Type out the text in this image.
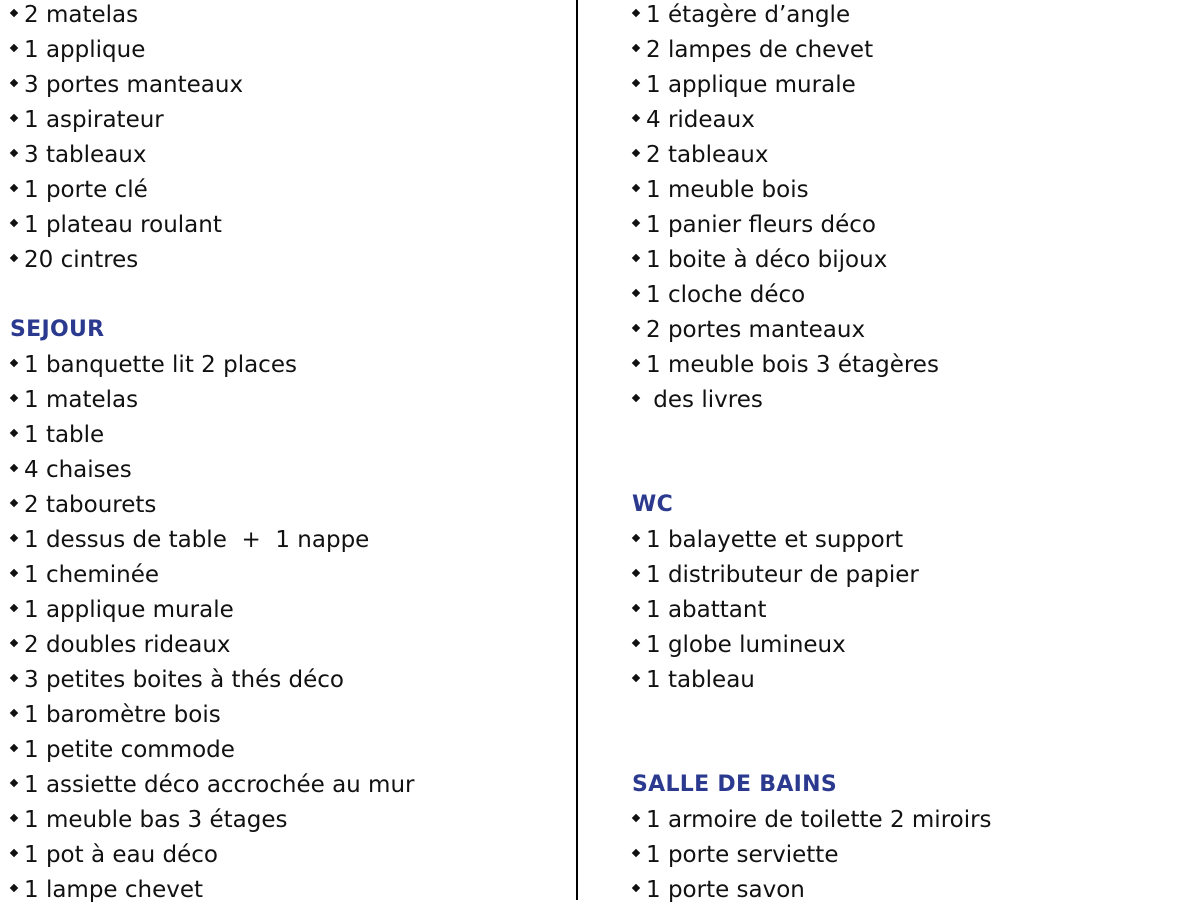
2 matelas
1 applique
3 portes manteaux
1 aspirateur
3 tableaux
1 porte clé
1 plateau roulant
20 cintres
SEJOUR
1 banquette lit 2 places
1 matelas
1 table
4 chaises
2 tabourets
1 dessus de table  +  1 nappe
1 cheminée
1 applique murale
2 doubles rideaux
3 petites boites à thés déco
1 baromètre bois
1 petite commode
1 assiette déco accrochée au mur
1 meuble bas 3 étages
1 pot à eau déco
1 lampe chevet
1 étagère d’angle
2 lampes de chevet
1 applique murale
4 rideaux
2 tableaux
1 meuble bois
1 panier fleurs déco
1 boite à déco bijoux
1 cloche déco
2 portes manteaux
1 meuble bois 3 étagères
des livres
WC
1 balayette et support
1 distributeur de papier
1 abattant
1 globe lumineux
1 tableau
SALLE DE BAINS
1 armoire de toilette 2 miroirs
1 porte serviette
1 porte savon
